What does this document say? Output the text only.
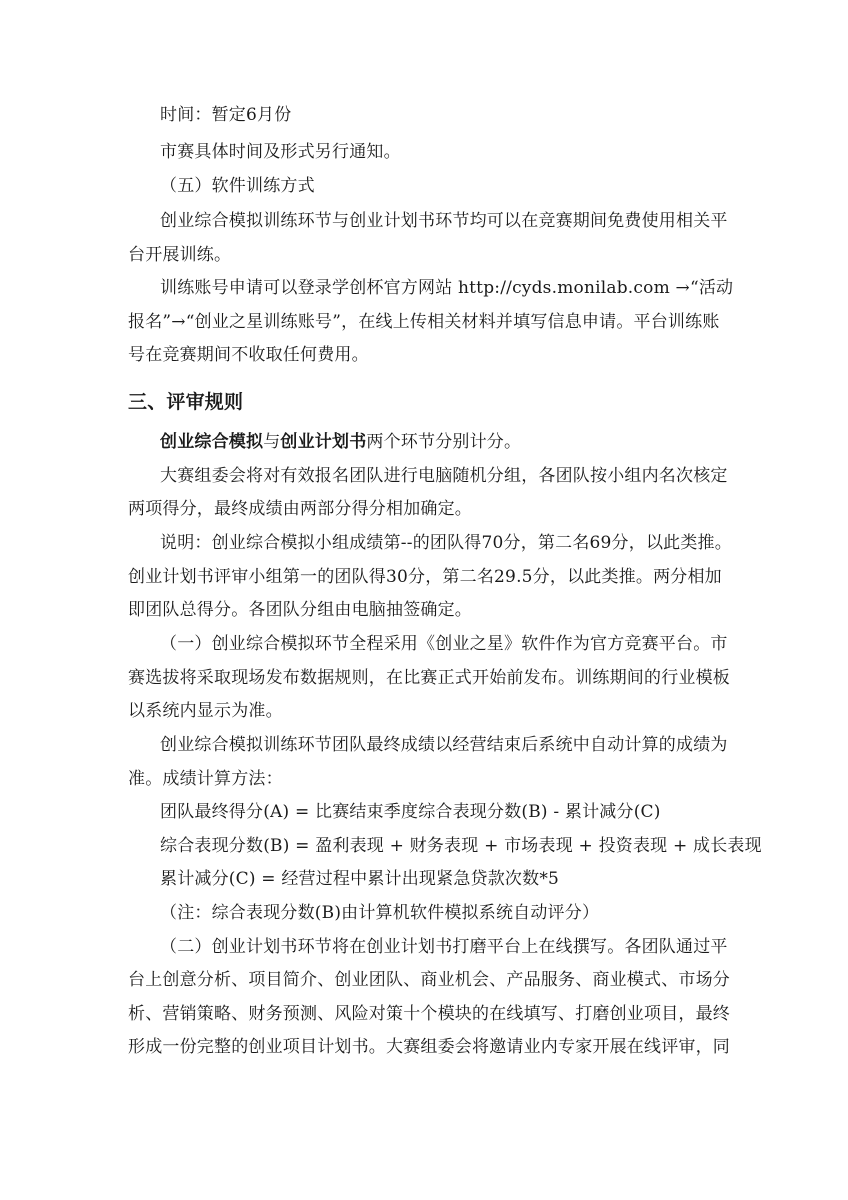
时间：暂定6月份
市赛具体时间及形式另行通知。
（五）软件训练方式
创业综合模拟训练环节与创业计划书环节均可以在竞赛期间免费使用相关平
台开展训练。
训练账号申请可以登录学创杯官方网站 http://cyds.monilab.com →“活动
报名”→“创业之星训练账号”，在线上传相关材料并填写信息申请。平台训练账
号在竞赛期间不收取任何费用。
三、评审规则
创业综合模拟与创业计划书两个环节分别计分。
大赛组委会将对有效报名团队进行电脑随机分组，各团队按小组内名次核定
两项得分，最终成绩由两部分得分相加确定。
说明：创业综合模拟小组成绩第--的团队得70分，第二名69分，以此类推。
创业计划书评审小组第一的团队得30分，第二名29.5分，以此类推。两分相加
即团队总得分。各团队分组由电脑抽签确定。
（一）创业综合模拟环节全程采用《创业之星》软件作为官方竞赛平台。市
赛选拔将采取现场发布数据规则，在比赛正式开始前发布。训练期间的行业模板
以系统内显示为准。
创业综合模拟训练环节团队最终成绩以经营结束后系统中自动计算的成绩为
准。成绩计算方法：
团队最终得分(A) = 比赛结束季度综合表现分数(B) - 累计减分(C)
综合表现分数(B) = 盈利表现 + 财务表现 + 市场表现 + 投资表现 + 成长表现
累计减分(C) = 经营过程中累计出现紧急贷款次数*5
（注：综合表现分数(B)由计算机软件模拟系统自动评分）
（二）创业计划书环节将在创业计划书打磨平台上在线撰写。各团队通过平
台上创意分析、项目简介、创业团队、商业机会、产品服务、商业模式、市场分
析、营销策略、财务预测、风险对策十个模块的在线填写、打磨创业项目，最终
形成一份完整的创业项目计划书。大赛组委会将邀请业内专家开展在线评审，同
